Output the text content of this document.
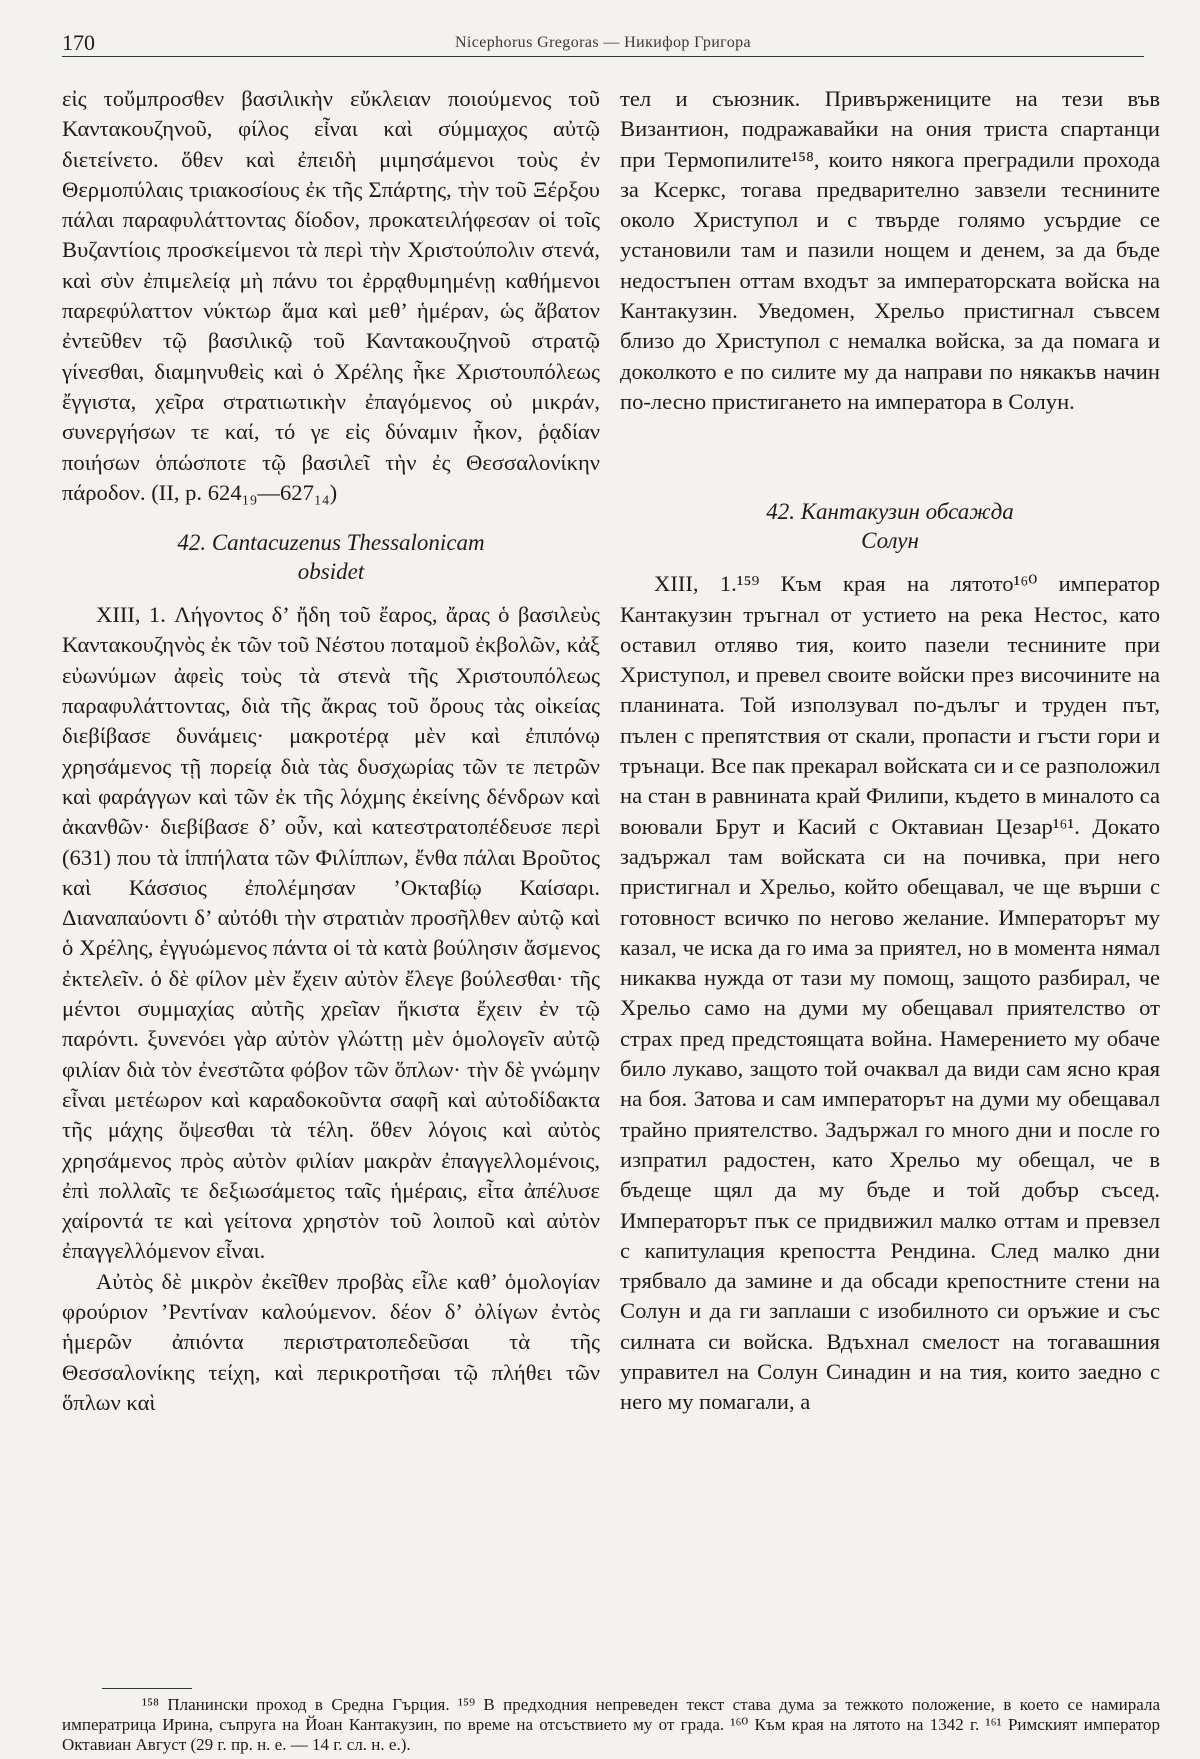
170	Nicephorus Gregoras — Никифор Григора

εἰς τοὔμπροσθεν βασιλικὴν εὔκλειαν ποιούμενος τοῦ Καντακουζηνοῦ, φίλος εἶναι καὶ σύμμαχος αὐτῷ διετείνετο. ὅθεν καὶ ἐπειδὴ μιμησάμενοι τοὺς ἐν Θερμοπύλαις τριακοσίους ἐκ τῆς Σπάρτης, τὴν τοῦ Ξέρξου πάλαι παραφυλάττοντας δίοδον, προκατειλήφεσαν οἱ τοῖς Βυζαντίοις προσκείμενοι τὰ περὶ τὴν Χριστούπολιν στενά, καὶ σὺν ἐπιμελείᾳ μὴ πάνυ τοι ἐρρᾳθυμημένῃ καθήμενοι παρεφύλαττον νύκτωρ ἅμα καὶ μεθ’ ἡμέραν, ὡς ἄβατον ἐντεῦθεν τῷ βασιλικῷ τοῦ Καντακουζηνοῦ στρατῷ γίνεσθαι, διαμηνυθεὶς καὶ ὁ Χρέλης ἧκε Χριστουπόλεως ἔγγιστα, χεῖρα στρατιωτικὴν ἐπαγόμενος οὐ μικράν, συνεργήσων τε καί, τό γε εἰς δύναμιν ἧκον, ῥᾳδίαν ποιήσων ὁπώσποτε τῷ βασιλεῖ τὴν ἐς Θεσσαλονίκην πάροδον. (II, p. 624₁₉—627₁₄)

42. Cantacuzenus Thessalonicam
obsidet

XIII, 1. Λήγοντος δ’ ἤδη τοῦ ἔαρος, ἄρας ὁ βασιλεὺς Καντακουζηνὸς ἐκ τῶν τοῦ Νέστου ποταμοῦ ἐκβολῶν, κἀξ εὐωνύμων ἀφεὶς τοὺς τὰ στενὰ τῆς Χριστουπόλεως παραφυλάττοντας, διὰ τῆς ἄκρας τοῦ ὄρους τὰς οἰκείας διεβίβασε δυνάμεις· μακροτέρᾳ μὲν καὶ ἐπιπόνῳ χρησάμενος τῇ πορείᾳ διὰ τὰς δυσχωρίας τῶν τε πετρῶν καὶ φαράγγων καὶ τῶν ἐκ τῆς λόχμης ἐκείνης δένδρων καὶ ἀκανθῶν· διεβίβασε δ’ οὖν, καὶ κατεστρατοπέδευσε περὶ (631) που τὰ ἱππήλατα τῶν Φιλίππων, ἔνθα πάλαι Βροῦτος καὶ Κάσσιος ἐπολέμησαν ’Οκταβίῳ Καίσαρι. Διαναπαύοντι δ’ αὐτόθι τὴν στρατιὰν προσῆλθεν αὐτῷ καὶ ὁ Χρέλης, ἐγγυώμενος πάντα οἱ τὰ κατὰ βούλησιν ἄσμενος ἐκτελεῖν. ὁ δὲ φίλον μὲν ἔχειν αὐτὸν ἔλεγε βούλεσθαι· τῆς μέντοι συμμαχίας αὐτῆς χρεῖαν ἥκιστα ἔχειν ἐν τῷ παρόντι. ξυνενόει γὰρ αὐτὸν γλώττῃ μὲν ὁμολογεῖν αὐτῷ φιλίαν διὰ τὸν ἐνεστῶτα φόβον τῶν ὅπλων· τὴν δὲ γνώμην εἶναι μετέωρον καὶ καραδοκοῦντα σαφῆ καὶ αὐτοδίδακτα τῆς μάχης ὄψεσθαι τὰ τέλη. ὅθεν λόγοις καὶ αὐτὸς χρησάμενος πρὸς αὐτὸν φιλίαν μακρὰν ἐπαγγελλομένοις, ἐπὶ πολλαῖς τε δεξιωσάμετος ταῖς ἡμέραις, εἶτα ἀπέλυσε χαίροντά τε καὶ γείτονα χρηστὸν τοῦ λοιποῦ καὶ αὐτὸν ἐπαγγελλόμενον εἶναι.

Αὐτὸς δὲ μικρὸν ἐκεῖθεν προβὰς εἷλε καθ’ ὁμολογίαν φρούριον ’Ρεντίναν καλούμενον. δέον δ’ ὀλίγων ἐντὸς ἡμερῶν ἀπιόντα περιστρατοπεδεῦσαι τὰ τῆς Θεσσαλονίκης τείχη, καὶ περικροτῆσαι τῷ πλήθει τῶν ὅπλων καὶ

тел и съюзник. Привържениците на тези във Византион, подражавайки на ония триста спартанци при Термопилите¹⁵⁸, които някога преградили прохода за Ксеркс, тогава предварително завзели теснините около Христупол и с твърде голямо усърдие се установили там и пазили нощем и денем, за да бъде недостъпен оттам входът за императорската войска на Кантакузин. Уведомен, Хрельо пристигнал съвсем близо до Христупол с немалка войска, за да помага и доколкото е по силите му да направи по някакъв начин по-лесно пристигането на императора в Солун.

42. Кантакузин обсажда
Солун

XIII, 1.¹⁵⁹ Към края на лятото¹⁶⁰ император Кантакузин тръгнал от устието на река Нестос, като оставил отляво тия, които пазели теснините при Христупол, и превел своите войски през височините на планината. Той използувал по-дълъг и труден път, пълен с препятствия от скали, пропасти и гъсти гори и трънаци. Все пак прекарал войската си и се разположил на стан в равнината край Филипи, където в миналото са воювали Брут и Касий с Октавиан Цезар¹⁶¹. Докато задържал там войската си на почивка, при него пристигнал и Хрельо, който обещавал, че ще върши с готовност всичко по негово желание. Императорът му казал, че иска да го има за приятел, но в момента нямал никаква нужда от тази му помощ, защото разбирал, че Хрельо само на думи му обещавал приятелство от страх пред предстоящата война. Намерението му обаче било лукаво, защото той очаквал да види сам ясно края на боя. Затова и сам императорът на думи му обещавал трайно приятелство. Задържал го много дни и после го изпратил радостен, като Хрельо му обещал, че в бъдеще щял да му бъде и той добър съсед. Императорът пък се придвижил малко оттам и превзел с капитулация крепостта Рендина. След малко дни трябвало да замине и да обсади крепостните стени на Солун и да ги заплаши с изобилното си оръжие и със силната си войска. Вдъхнал смелост на тогавашния управител на Солун Синадин и на тия, които заедно с него му помагали, а

¹⁵⁸ Планински проход в Средна Гърция. ¹⁵⁹ В предходния непреведен текст става дума за тежкото положение, в което се намирала императрица Ирина, съпруга на Йоан Кантакузин, по време на отсъствието му от града. ¹⁶⁰ Към края на лятото на 1342 г. ¹⁶¹ Римският император Октавиан Август (29 г. пр. н. е. — 14 г. сл. н. е.).
